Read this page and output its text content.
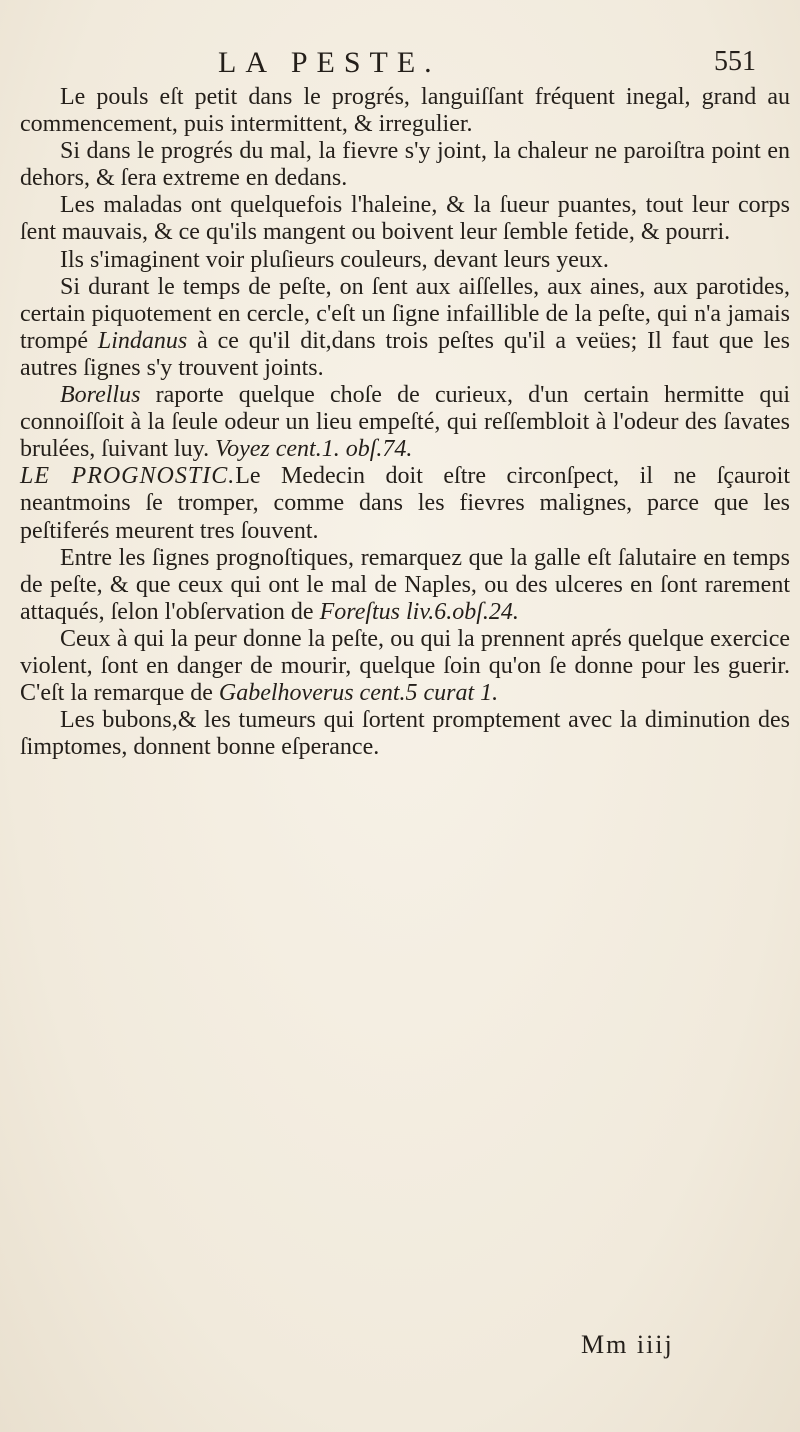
LA PESTE.	551

Le pouls eſt petit dans le progrés, languiſſant fréquent inegal, grand au commencement, puis intermittent, & irregulier.

Si dans le progrés du mal, la fievre s'y joint, la chaleur ne paroiſtra point en dehors, & ſera extreme en dedans.

Les maladas ont quelquefois l'haleine, & la ſueur puantes, tout leur corps ſent mauvais, & ce qu'ils mangent ou boivent leur ſemble fetide, & pourri.

Ils s'imaginent voir pluſieurs couleurs, devant leurs yeux.

Si durant le temps de peſte, on ſent aux aiſſelles, aux aines, aux parotides, certain piquotement en cercle, c'eſt un ſigne infaillible de la peſte, qui n'a jamais trompé Lindanus à ce qu'il dit,dans trois peſtes qu'il a veües; Il faut que les autres ſignes s'y trouvent joints.

Borellus raporte quelque choſe de curieux, d'un certain hermitte qui connoiſſoit à la ſeule odeur un lieu empeſté, qui reſſembloit à l'odeur des ſavates brulées, ſuivant luy. Voyez cent.1. obſ.74.

LE PROGNOSTIC.Le Medecin doit eſtre circonſpect, il ne ſçauroit neantmoins ſe tromper, comme dans les fievres malignes, parce que les peſtiferés meurent tres ſouvent.

Entre les ſignes prognoſtiques, remarquez que la galle eſt ſalutaire en temps de peſte, & que ceux qui ont le mal de Naples, ou des ulceres en ſont rarement attaqués, ſelon l'obſervation de Foreſtus liv.6.obſ.24.

Ceux à qui la peur donne la peſte, ou qui la prennent aprés quelque exercice violent, ſont en danger de mourir, quelque ſoin qu'on ſe donne pour les guerir. C'eſt la remarque de Gabelhoverus cent.5 curat 1.

Les bubons,& les tumeurs qui ſortent promptement avec la diminution des ſimptomes, donnent bonne eſperance.

Mm iiij
